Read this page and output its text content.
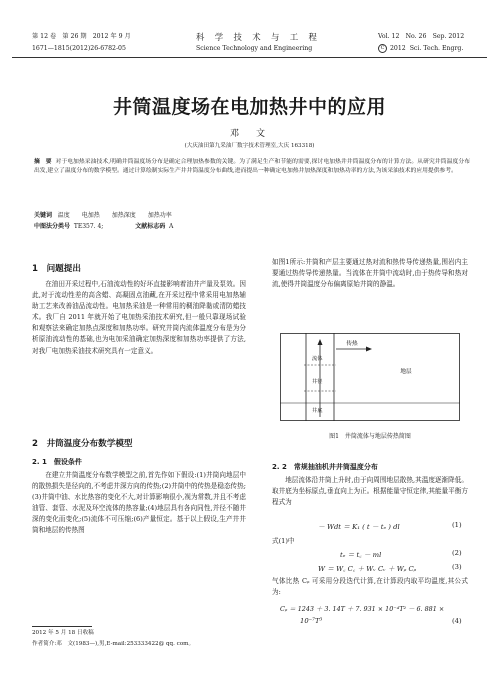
第 12 卷　第 26 期　2012 年 9 月
1671—1815(2012)26-6782-05
科　学　技　术　与　工　程
Science Technology and Engineering
Vol. 12　No. 26　Sep. 2012
C 2012 Sci. Tech. Engrg.
井筒温度场在电加热井中的应用
邓　文
(大庆油田第九采油厂数字技术管理室,大庆 163318)
摘　要 对于电加热采油技术,明确井筒温度场分布是确定合理加热参数的关键。为了满足生产和节能的需要,探讨电加热井井筒温度分布的计算方法。从研究井筒温度分布出发,建立了温度分布的数学模型。通过计算绘制实际生产井井筒温度分布曲线,进而提出一种确定电加热井加热深度和加热功率的方法,为该采油技术的应用提供参考。
关键词 温度　　电加热　　加热深度　　加热功率
中图法分类号 TE357. 4;	文献标志码 A
1　问题提出

在油田开采过程中,石油流动性的好坏直接影响着油井产量及泵效。因此,对于流动性差的高含蜡、高凝固点油藏,在开采过程中常采用电加热辅助工艺来改善油品流动性。电加热采油是一种常用的稠油降黏或清防蜡技术。我厂自 2011 年就开始了电加热采油技术研究,但一般只靠现场试验和观察法来确定加热点深度和加热功率。研究井筒内流体温度分布是为分析原油流动性的基础,也为电加采油确定加热深度和加热功率提供了方法,对我厂电加热采油技术研究具有一定意义。

2　井筒温度分布数学模型
2. 1　假设条件

在建立井筒温度分布数学模型之前,首先作如下假设:(1)井筒向地层中的散热损失是径向的,不考虑井深方向的传热;(2)井筒中的传热是稳态传热;(3)井筒中油、水比热容的变化不大,对计算影响很小,视为常数,并且不考虑油管、套管、水泥及环空流体的热容量;(4)地层具有各向同性,并径不随井深的变化而变化;(5)流体不可压缩;(6)产量恒定。基于以上假设,生产井井筒和地层的传热图

2012 年 5 月 18 日收稿
作者简介:邓　文(1983—),男,E-mail:253333422@ qq. com。

如图1所示:井筒和产层主要通过热对流和热传导传递热量,围岩内主要通过热传导传递热量。当流体在井筒中流动时,由于热传导和热对流,使得井筒温度分布偏离原始井筒的静温。

传热
流体
地层
井径
井底
图1　井筒流体与地层传热简图
2. 2　常规抽油机井井筒温度分布

地层流体沿井筒上升时,由于向周围地层散热,其温度逐渐降低。取井底为坐标原点,垂直向上为正。根据能量守恒定律,其能量平衡方程式为

－ Wdt ＝ K₁ ( t － tₑ ) dl	(1)
式(1)中
tₑ ＝ t꜀ － ml	(2)
W ＝ W꜀ C꜀ ＋ Wᵥ Cᵥ ＋ Wᵨ Cᵨ	(3)

气体比热 Cᵨ 可采用分段迭代计算,在计算段内取平均温度,其公式为:

Cᵨ ＝ 1243 ＋ 3. 14T ＋ 7. 931 × 10⁻⁴T² － 6. 881 ×
10⁻⁷T³	(4)
